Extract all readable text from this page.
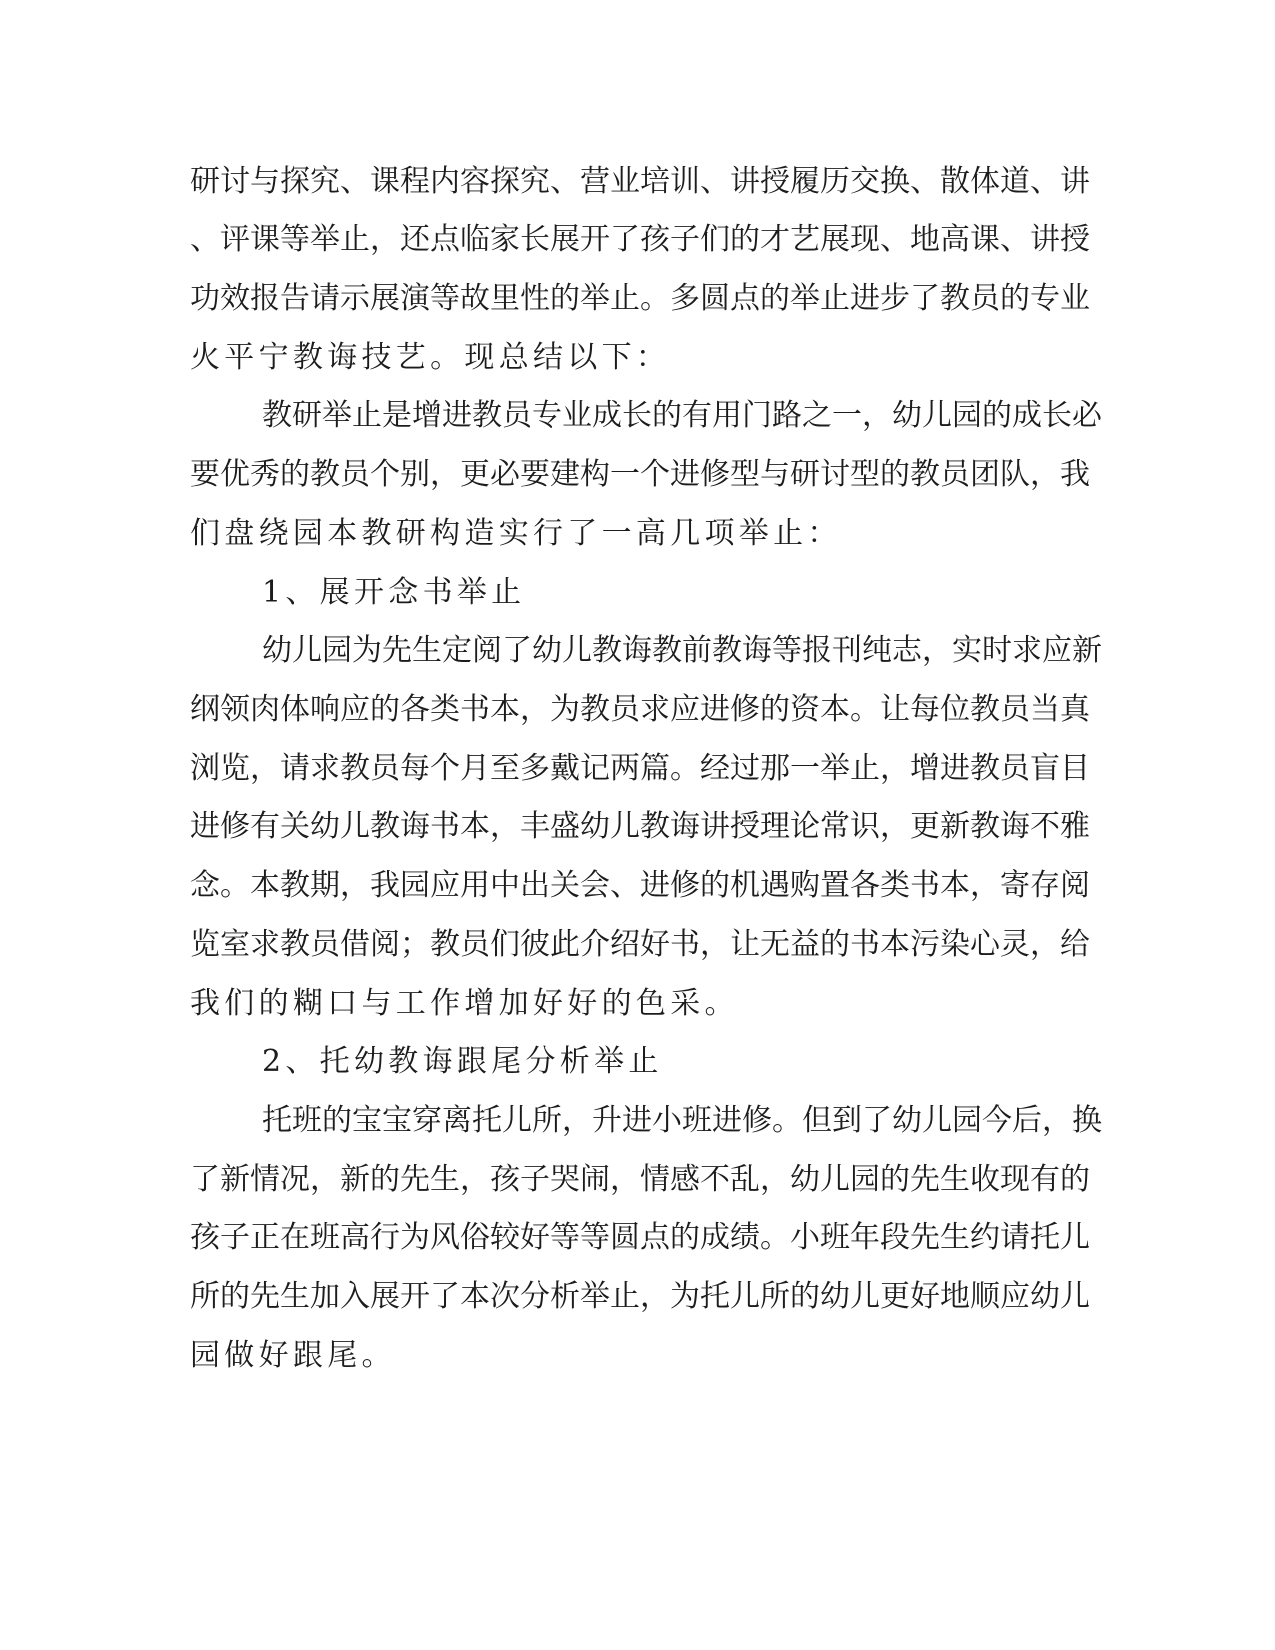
研讨与探究、课程内容探究、营业培训、讲授履历交换、散体道、讲

、评课等举止，还点临家长展开了孩子们的才艺展现、地高课、讲授

功效报告请示展演等故里性的举止。多圆点的举止进步了教员的专业

火平宁教诲技艺。现总结以下：

教研举止是增进教员专业成长的有用门路之一，幼儿园的成长必

要优秀的教员个别，更必要建构一个进修型与研讨型的教员团队，我

们盘绕园本教研构造实行了一高几项举止：

1、展开念书举止

幼儿园为先生定阅了幼儿教诲教前教诲等报刊纯志，实时求应新

纲领肉体响应的各类书本，为教员求应进修的资本。让每位教员当真

浏览，请求教员每个月至多戴记两篇。经过那一举止，增进教员盲目

进修有关幼儿教诲书本，丰盛幼儿教诲讲授理论常识，更新教诲不雅

念。本教期，我园应用中出关会、进修的机遇购置各类书本，寄存阅

览室求教员借阅；教员们彼此介绍好书，让无益的书本污染心灵，给

我们的糊口与工作增加好好的色采。

2、托幼教诲跟尾分析举止

托班的宝宝穿离托儿所，升进小班进修。但到了幼儿园今后，换

了新情况，新的先生，孩子哭闹，情感不乱，幼儿园的先生收现有的

孩子正在班高行为风俗较好等等圆点的成绩。小班年段先生约请托儿

所的先生加入展开了本次分析举止，为托儿所的幼儿更好地顺应幼儿

园做好跟尾。
